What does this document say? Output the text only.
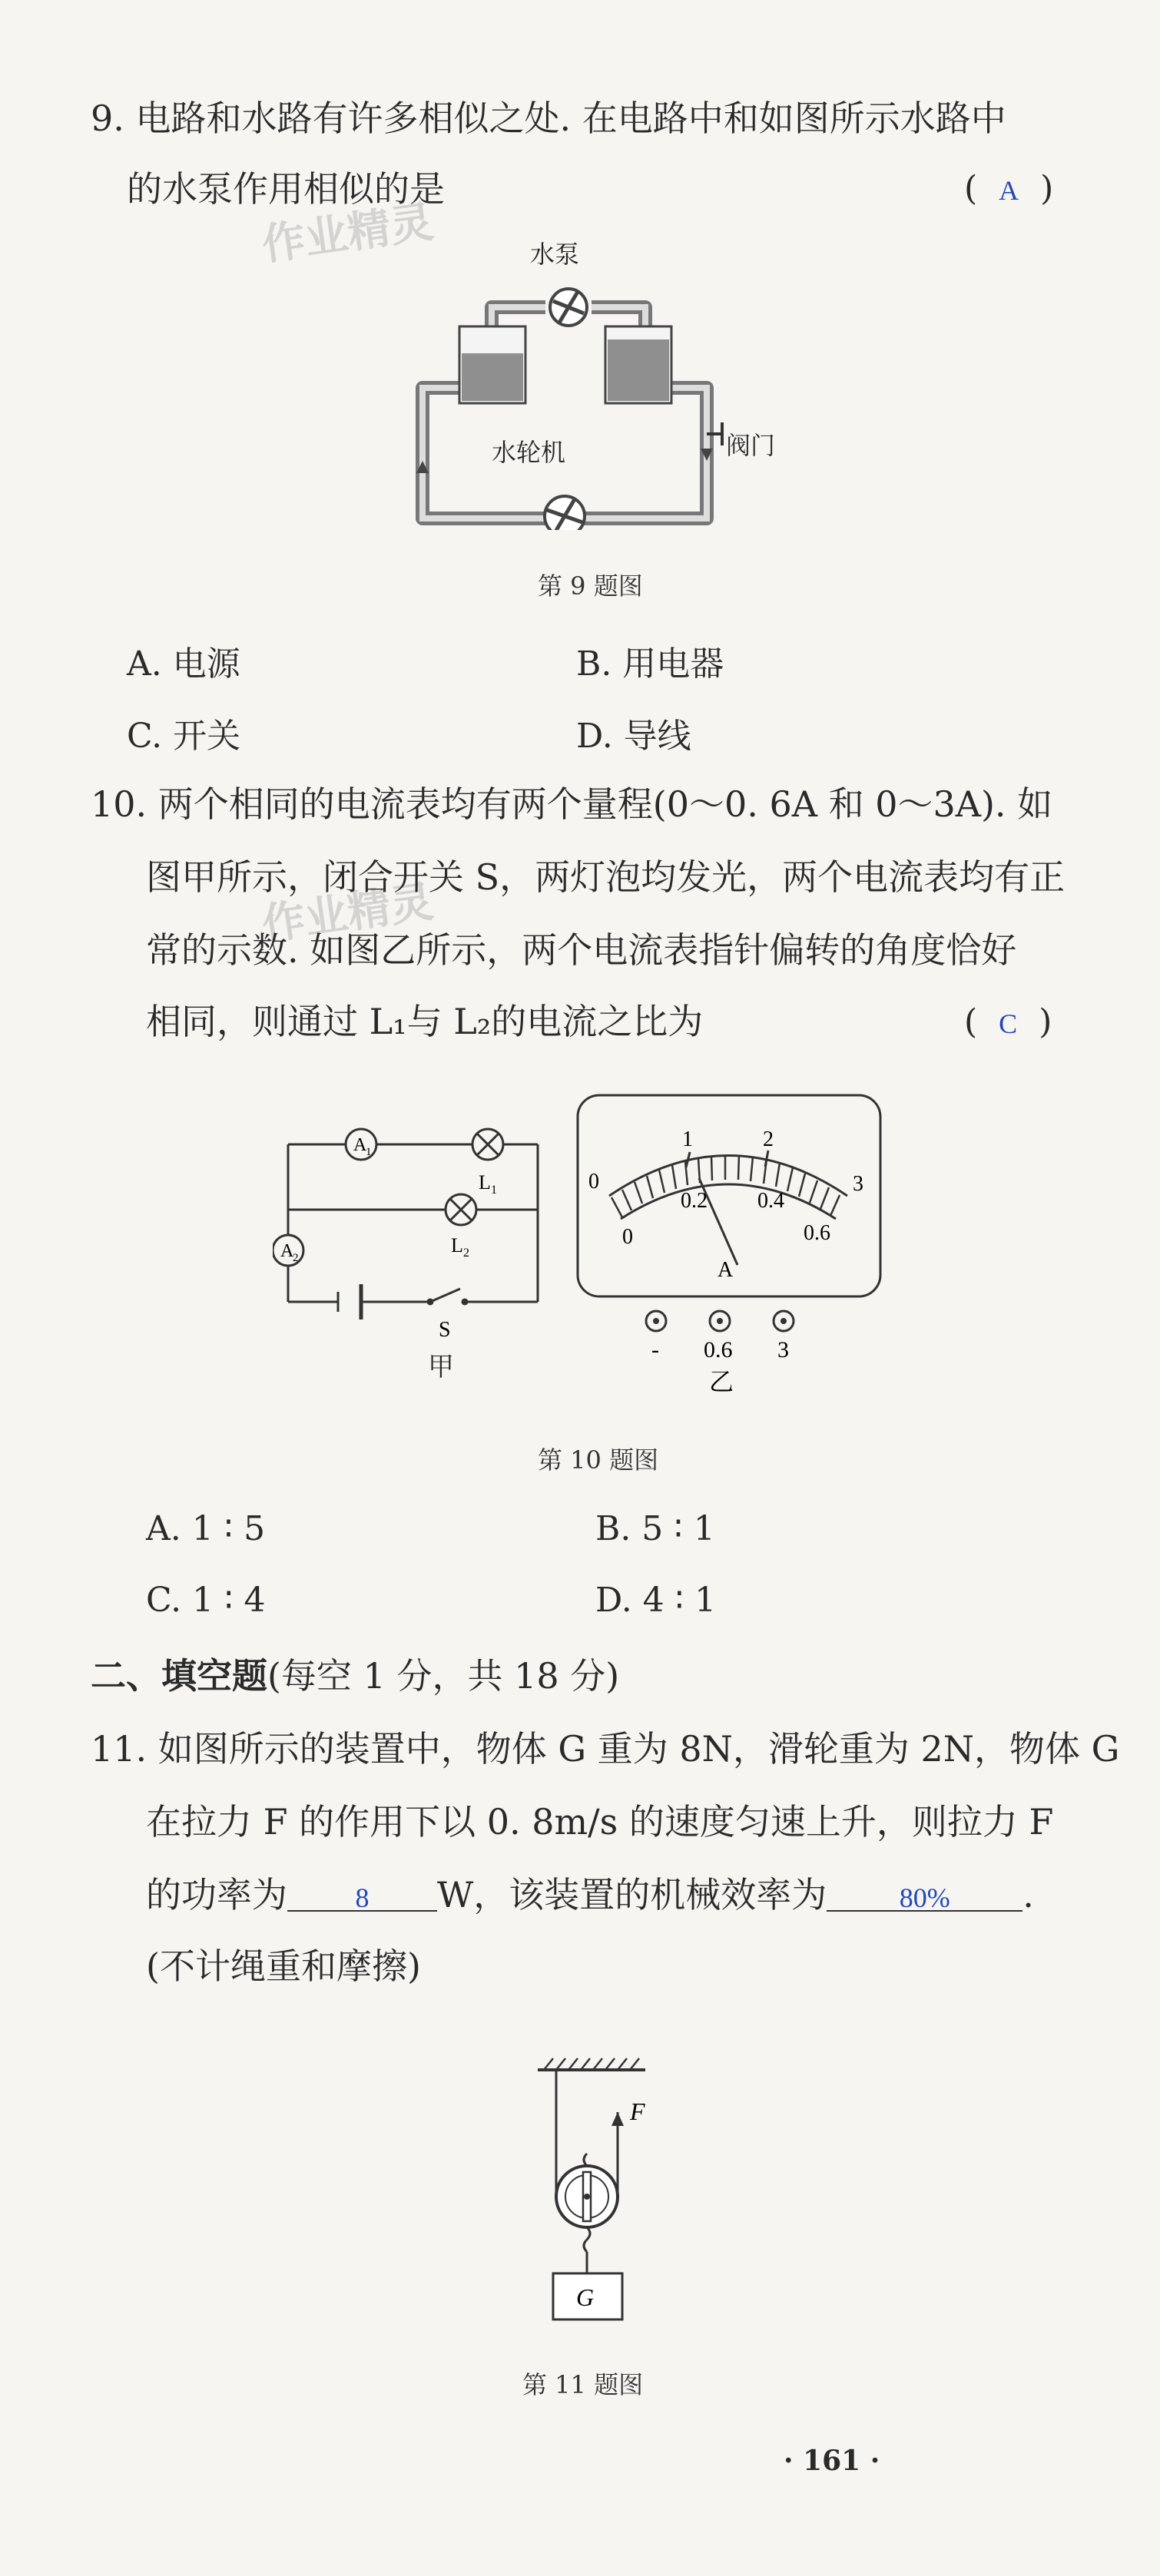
作业精灵
作业精灵
9. 电路和水路有许多相似之处. 在电路中和如图所示水路中
的水泵作用相似的是	( A )
水泵
水轮机	阀门
第 9 题图
A. 电源	B. 用电器
C. 开关	D. 导线
10. 两个相同的电流表均有两个量程(0～0. 6A 和 0～3A). 如
图甲所示，闭合开关 S，两灯泡均发光，两个电流表均有正
常的示数. 如图乙所示，两个电流表指针偏转的角度恰好
相同，则通过 L₁与 L₂的电流之比为	( C )
A
1
A
2
L 1
L 2
S
甲
0
1	2
3
0
0.2 0.4
0.6
A
- 0.6 3
乙
第 10 题图
A. 1 ∶ 5	B. 5 ∶ 1
C. 1 ∶ 4	D. 4 ∶ 1
二、填空题(每空 1 分，共 18 分)
11. 如图所示的装置中，物体 G 重为 8N，滑轮重为 2N，物体 G
在拉力 F 的作用下以 0. 8m/s 的速度匀速上升，则拉力 F
的功率为 8 W，该装置的机械效率为	80% .
(不计绳重和摩擦)
F
G
第 11 题图
· 161 ·
